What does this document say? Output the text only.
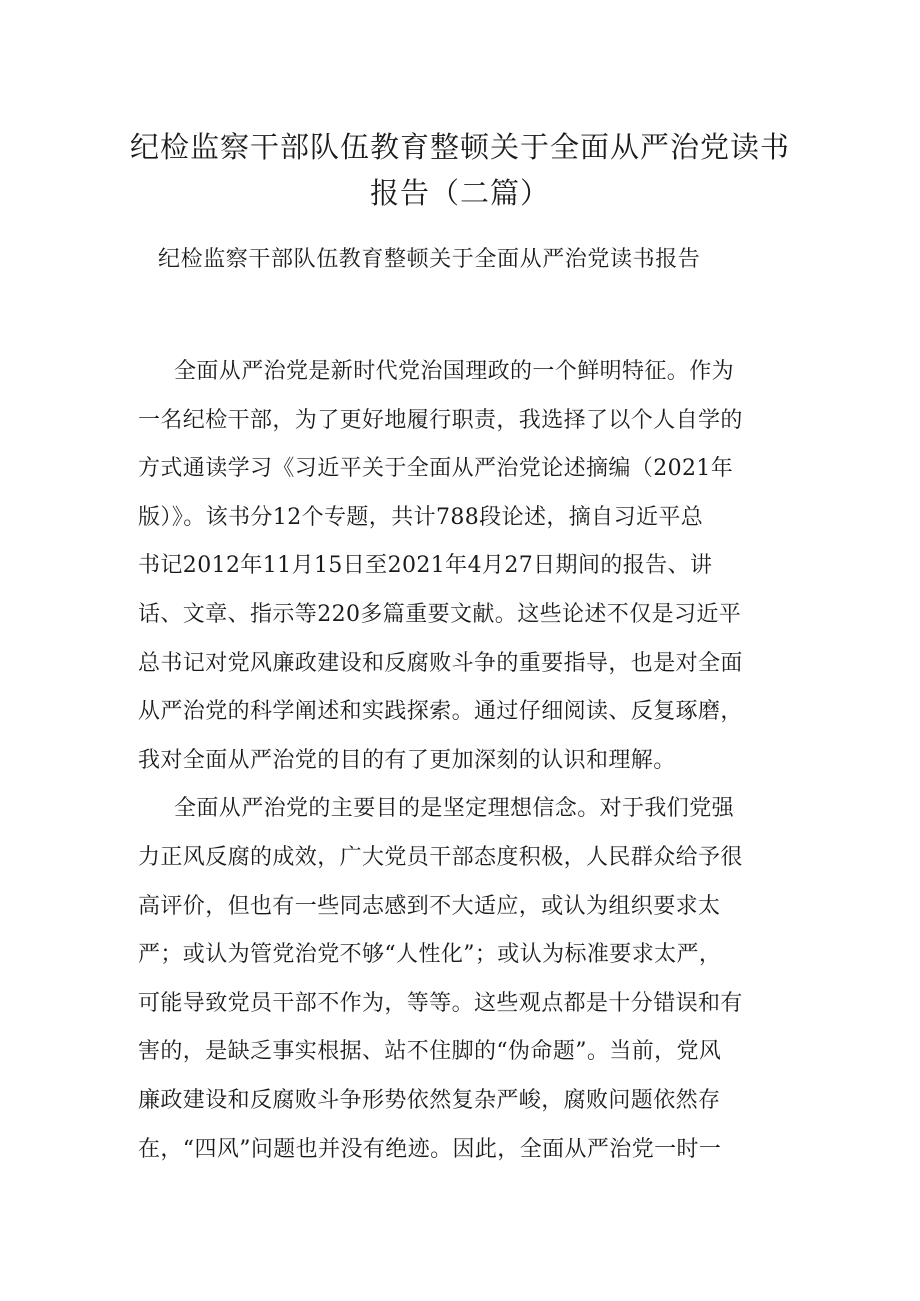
纪检监察干部队伍教育整顿关于全面从严治党读书
报告（二篇）

纪检监察干部队伍教育整顿关于全面从严治党读书报告

全面从严治党是新时代党治国理政的一个鲜明特征。作为
一名纪检干部，为了更好地履行职责，我选择了以个人自学的
方式通读学习《习近平关于全面从严治党论述摘编（2021年
版）》。该书分12个专题，共计788段论述，摘自习近平总
书记2012年11月15日至2021年4月27日期间的报告、讲
话、文章、指示等220多篇重要文献。这些论述不仅是习近平
总书记对党风廉政建设和反腐败斗争的重要指导，也是对全面
从严治党的科学阐述和实践探索。通过仔细阅读、反复琢磨，
我对全面从严治党的目的有了更加深刻的认识和理解。
全面从严治党的主要目的是坚定理想信念。对于我们党强
力正风反腐的成效，广大党员干部态度积极，人民群众给予很
高评价，但也有一些同志感到不大适应，或认为组织要求太
严；或认为管党治党不够“人性化”；或认为标准要求太严，
可能导致党员干部不作为，等等。这些观点都是十分错误和有
害的，是缺乏事实根据、站不住脚的“伪命题”。当前，党风
廉政建设和反腐败斗争形势依然复杂严峻，腐败问题依然存
在，“四风”问题也并没有绝迹。因此，全面从严治党一时一
